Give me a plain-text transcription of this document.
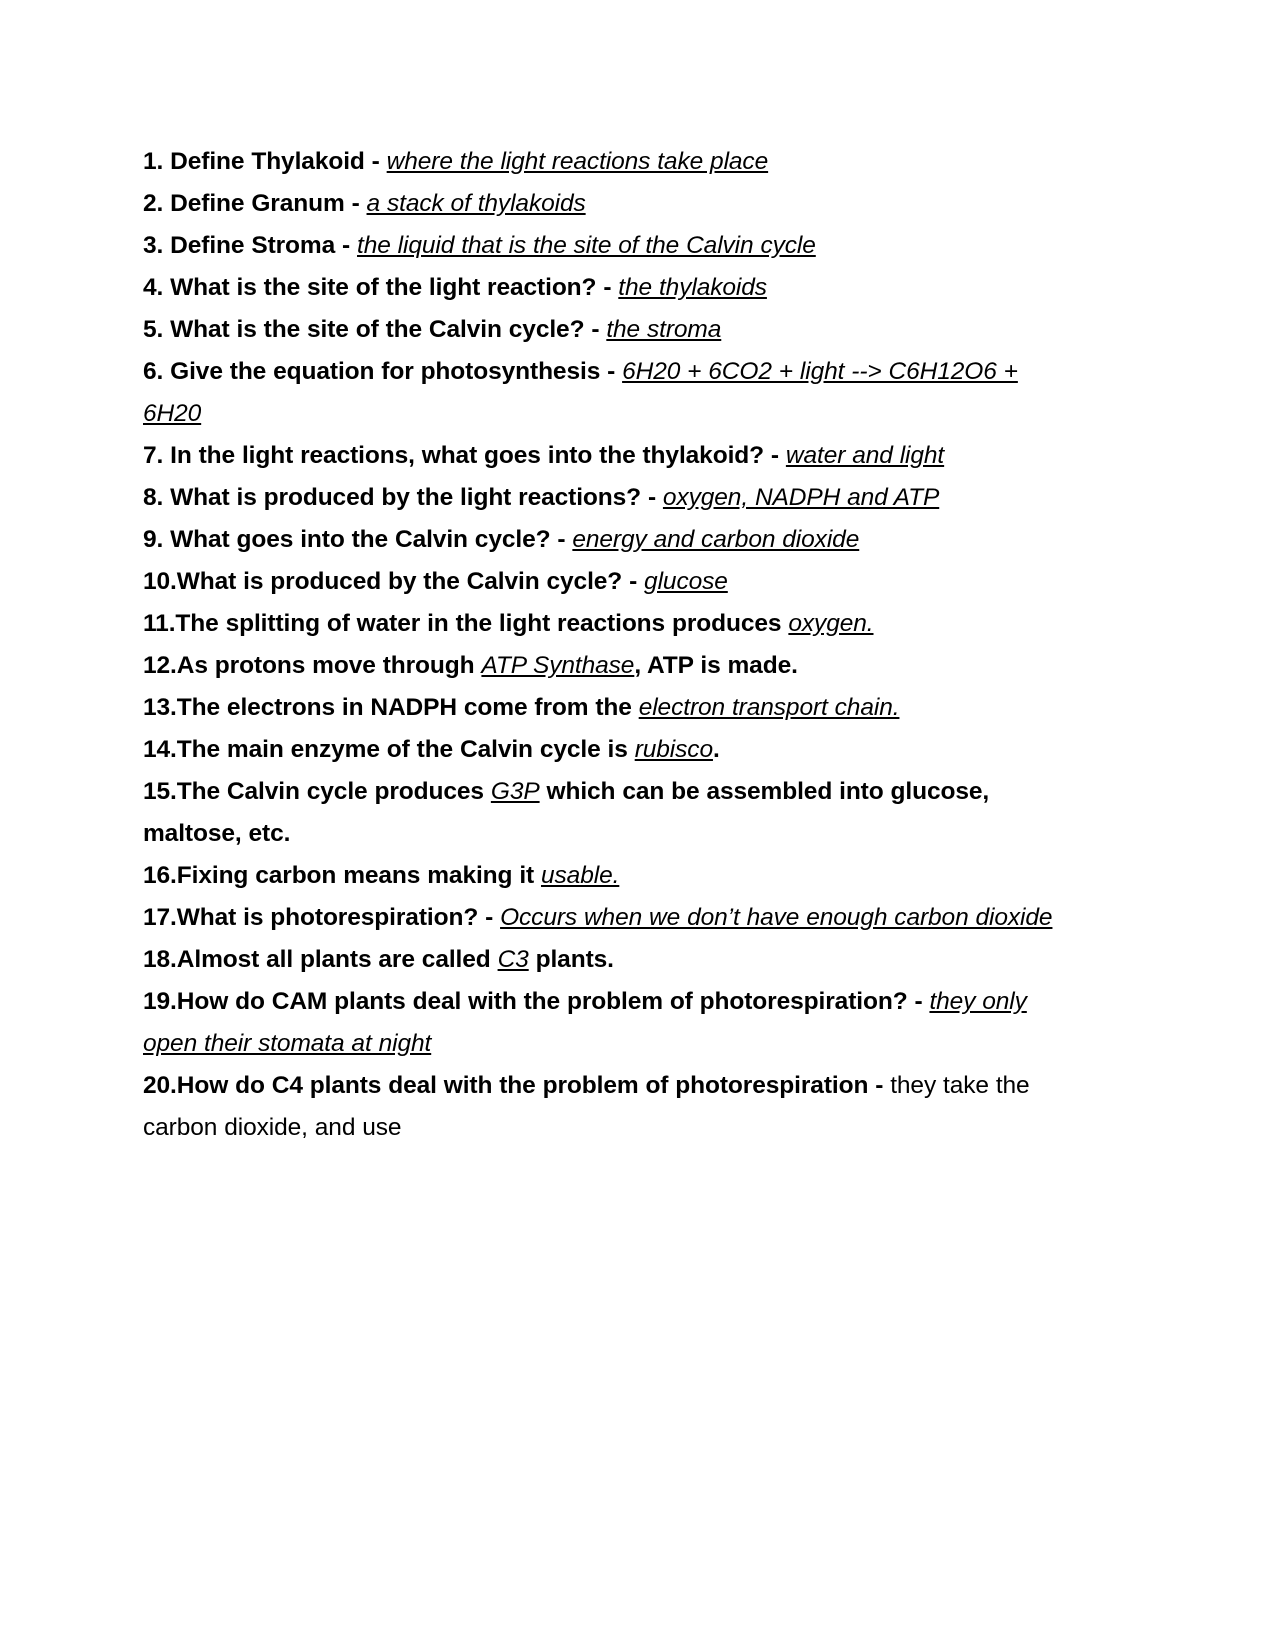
1. Define Thylakoid - where the light reactions take place
2. Define Granum - a stack of thylakoids
3. Define Stroma - the liquid that is the site of the Calvin cycle
4. What is the site of the light reaction? - the thylakoids
5. What is the site of the Calvin cycle? - the stroma
6. Give the equation for photosynthesis - 6H20 + 6CO2 + light --> C6H12O6 + 6H20
7. In the light reactions, what goes into the thylakoid? - water and light
8. What is produced by the light reactions? - oxygen, NADPH and ATP
9. What goes into the Calvin cycle? - energy and carbon dioxide
10.What is produced by the Calvin cycle? - glucose
11.The splitting of water in the light reactions produces oxygen.
12.As protons move through ATP Synthase, ATP is made.
13.The electrons in NADPH come from the electron transport chain.
14.The main enzyme of the Calvin cycle is rubisco.
15.The Calvin cycle produces G3P which can be assembled into glucose, maltose, etc.
16.Fixing carbon means making it usable.
17.What is photorespiration? - Occurs when we don’t have enough carbon dioxide
18.Almost all plants are called C3 plants.
19.How do CAM plants deal with the problem of photorespiration? - they only open their stomata at night
20.How do C4 plants deal with the problem of photorespiration - they take the carbon dioxide, and use
